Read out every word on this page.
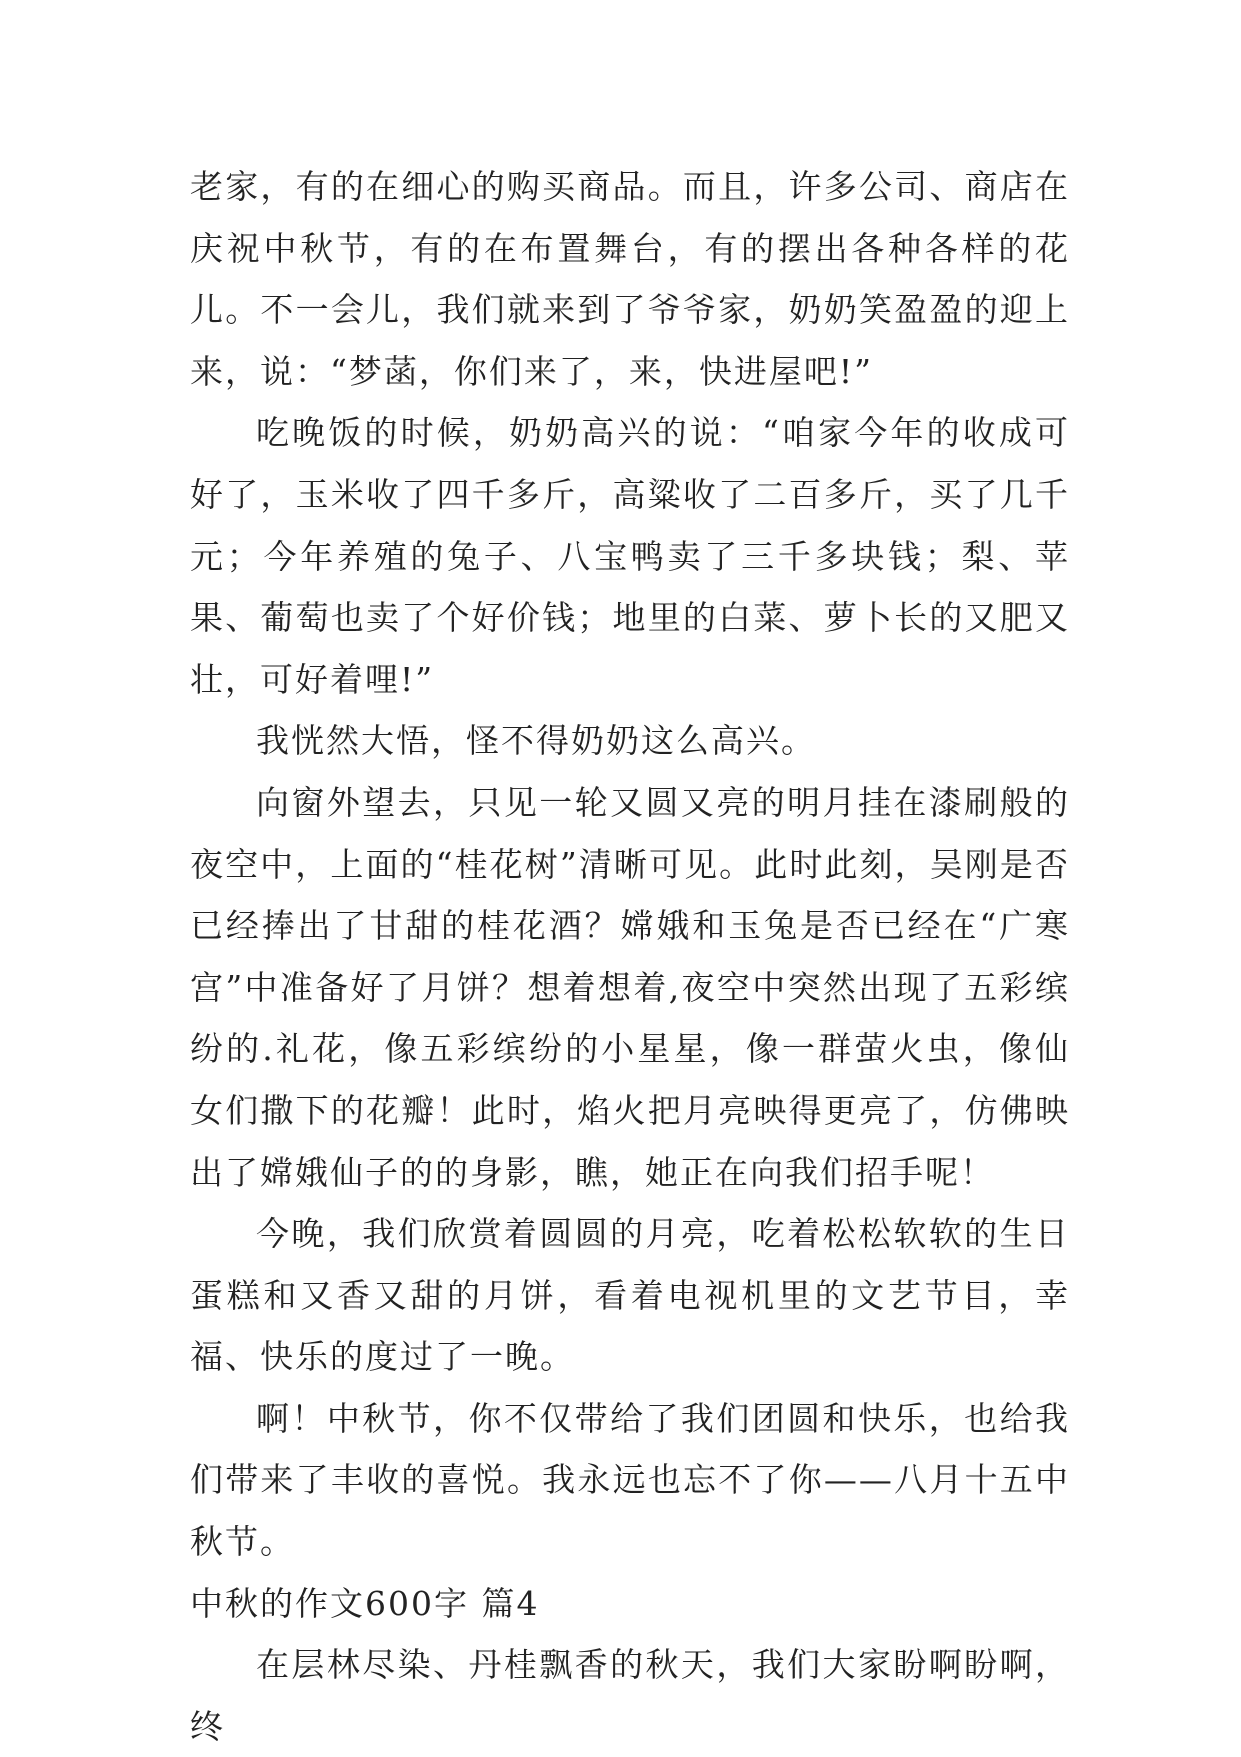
老家，有的在细心的购买商品。而且，许多公司、商店在庆祝中秋节，有的在布置舞台，有的摆出各种各样的花儿。不一会儿，我们就来到了爷爷家，奶奶笑盈盈的迎上来，说：“梦菡，你们来了，来，快进屋吧!”

吃晚饭的时候，奶奶高兴的说：“咱家今年的收成可好了，玉米收了四千多斤，高粱收了二百多斤，买了几千元；今年养殖的兔子、八宝鸭卖了三千多块钱；梨、苹果、葡萄也卖了个好价钱；地里的白菜、萝卜长的又肥又壮，可好着哩!”

我恍然大悟，怪不得奶奶这么高兴。

向窗外望去，只见一轮又圆又亮的明月挂在漆刷般的夜空中，上面的“桂花树”清晰可见。此时此刻，吴刚是否已经捧出了甘甜的桂花酒？嫦娥和玉兔是否已经在“广寒宫”中准备好了月饼？想着想着,夜空中突然出现了五彩缤纷的.礼花，像五彩缤纷的小星星，像一群萤火虫，像仙女们撒下的花瓣！此时，焰火把月亮映得更亮了，仿佛映出了嫦娥仙子的的身影，瞧，她正在向我们招手呢！

今晚，我们欣赏着圆圆的月亮，吃着松松软软的生日蛋糕和又香又甜的月饼，看着电视机里的文艺节目，幸福、快乐的度过了一晚。

啊！中秋节，你不仅带给了我们团圆和快乐，也给我们带来了丰收的喜悦。我永远也忘不了你——八月十五中秋节。

中秋的作文600字 篇4

在层林尽染、丹桂飘香的秋天，我们大家盼啊盼啊，终
